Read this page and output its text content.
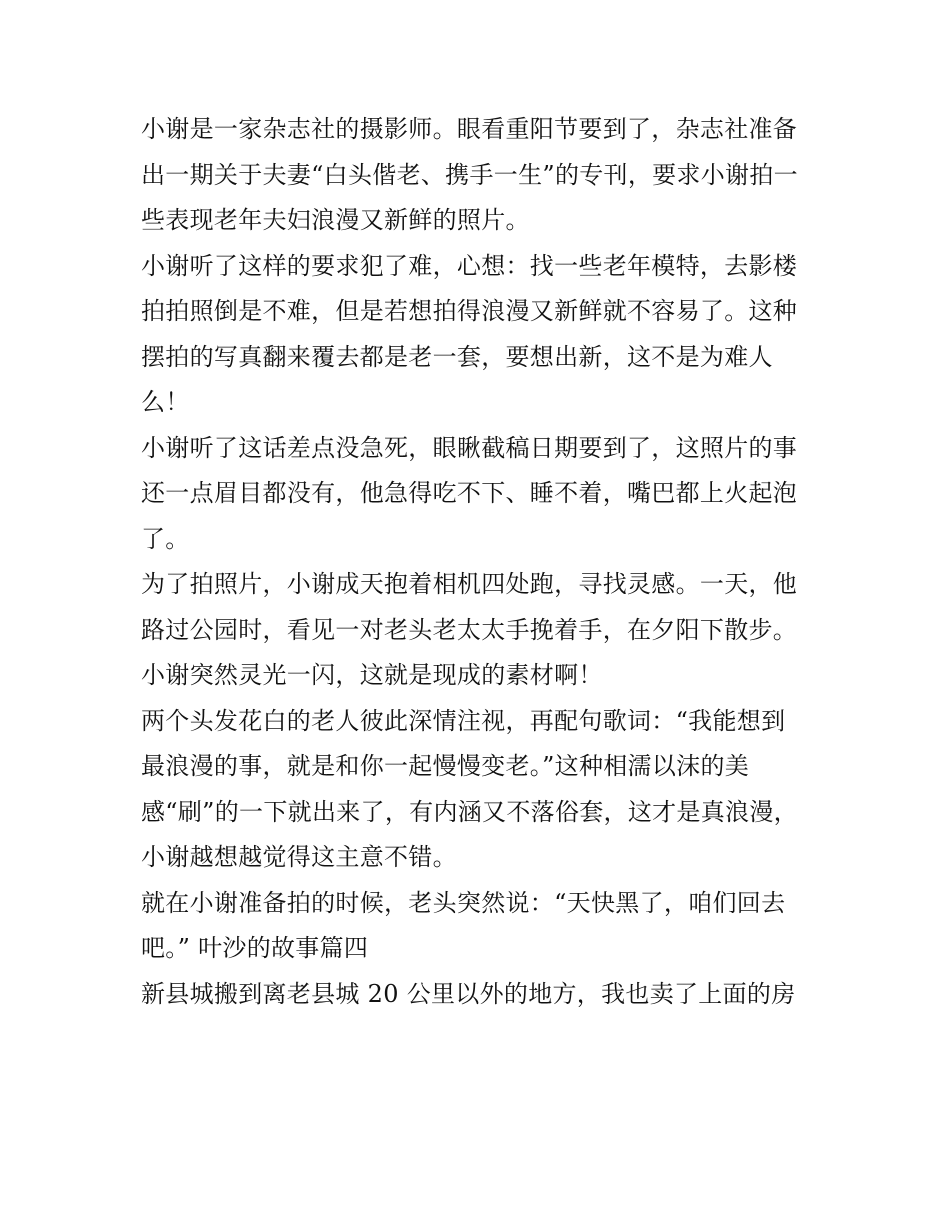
小谢是一家杂志社的摄影师。眼看重阳节要到了，杂志社准备
出一期关于夫妻“白头偕老、携手一生”的专刊，要求小谢拍一
些表现老年夫妇浪漫又新鲜的照片。
小谢听了这样的要求犯了难，心想：找一些老年模特，去影楼
拍拍照倒是不难，但是若想拍得浪漫又新鲜就不容易了。这种
摆拍的写真翻来覆去都是老一套，要想出新，这不是为难人
么！
小谢听了这话差点没急死，眼瞅截稿日期要到了，这照片的事
还一点眉目都没有，他急得吃不下、睡不着，嘴巴都上火起泡
了。
为了拍照片，小谢成天抱着相机四处跑，寻找灵感。一天，他
路过公园时，看见一对老头老太太手挽着手，在夕阳下散步。
小谢突然灵光一闪，这就是现成的素材啊！
两个头发花白的老人彼此深情注视，再配句歌词：“我能想到
最浪漫的事，就是和你一起慢慢变老。”这种相濡以沫的美
感“刷”的一下就出来了，有内涵又不落俗套，这才是真浪漫，
小谢越想越觉得这主意不错。
就在小谢准备拍的时候，老头突然说：“天快黑了，咱们回去
吧。” 叶沙的故事篇四
新县城搬到离老县城 20 公里以外的地方，我也卖了上面的房
